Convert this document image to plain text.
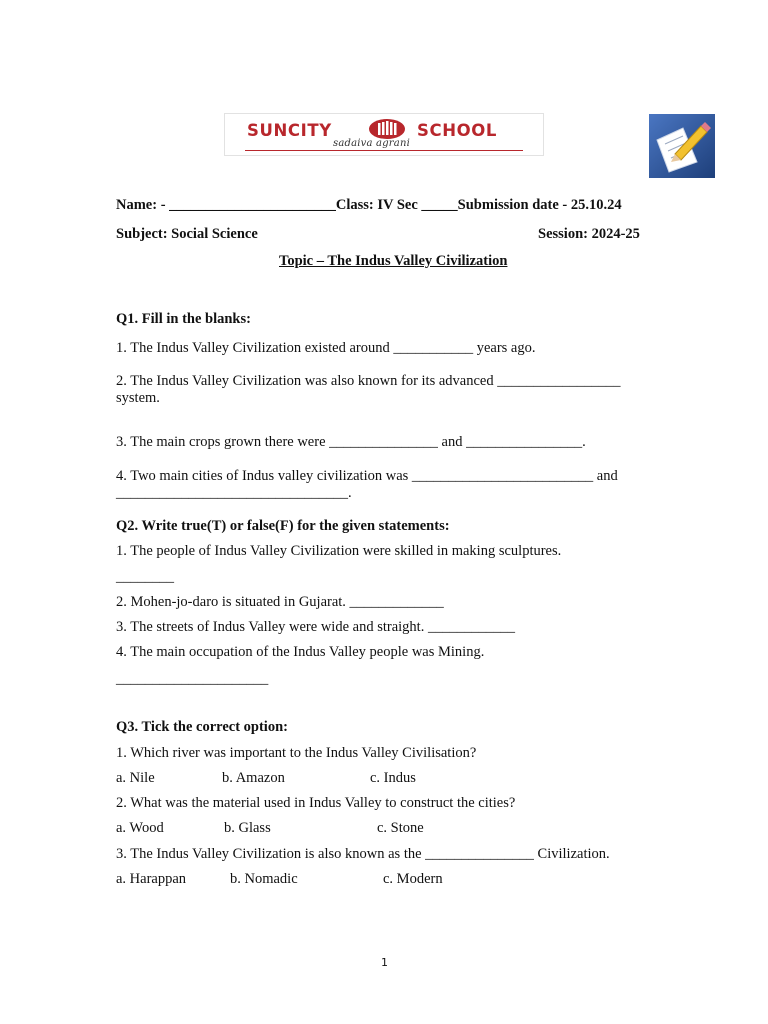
SUNCITY	SCHOOL
sadaiva agrani
Name: - _______________________Class: IV Sec _____Submission date - 25.10.24
Subject: Social Science	Session: 2024-25
Topic – The Indus Valley Civilization
Q1. Fill in the blanks:
1. The Indus Valley Civilization existed around ___________ years ago.
2. The Indus Valley Civilization was also known for its advanced _________________
system.
3. The main crops grown there were _______________ and ________________.
4. Two main cities of Indus valley civilization was _________________________ and
________________________________.
Q2. Write true(T) or false(F) for the given statements:
1. The people of Indus Valley Civilization were skilled in making sculptures.
________
2. Mohen-jo-daro is situated in Gujarat. _____________
3. The streets of Indus Valley were wide and straight. ____________
4. The main occupation of the Indus Valley people was Mining.
_____________________
Q3. Tick the correct option:
1. Which river was important to the Indus Valley Civilisation?
a. Nile	b. Amazon	c. Indus
2. What was the material used in Indus Valley to construct the cities?
a. Wood	b. Glass	c. Stone
3. The Indus Valley Civilization is also known as the _______________ Civilization.
a. Harappan	b. Nomadic	c. Modern
1
